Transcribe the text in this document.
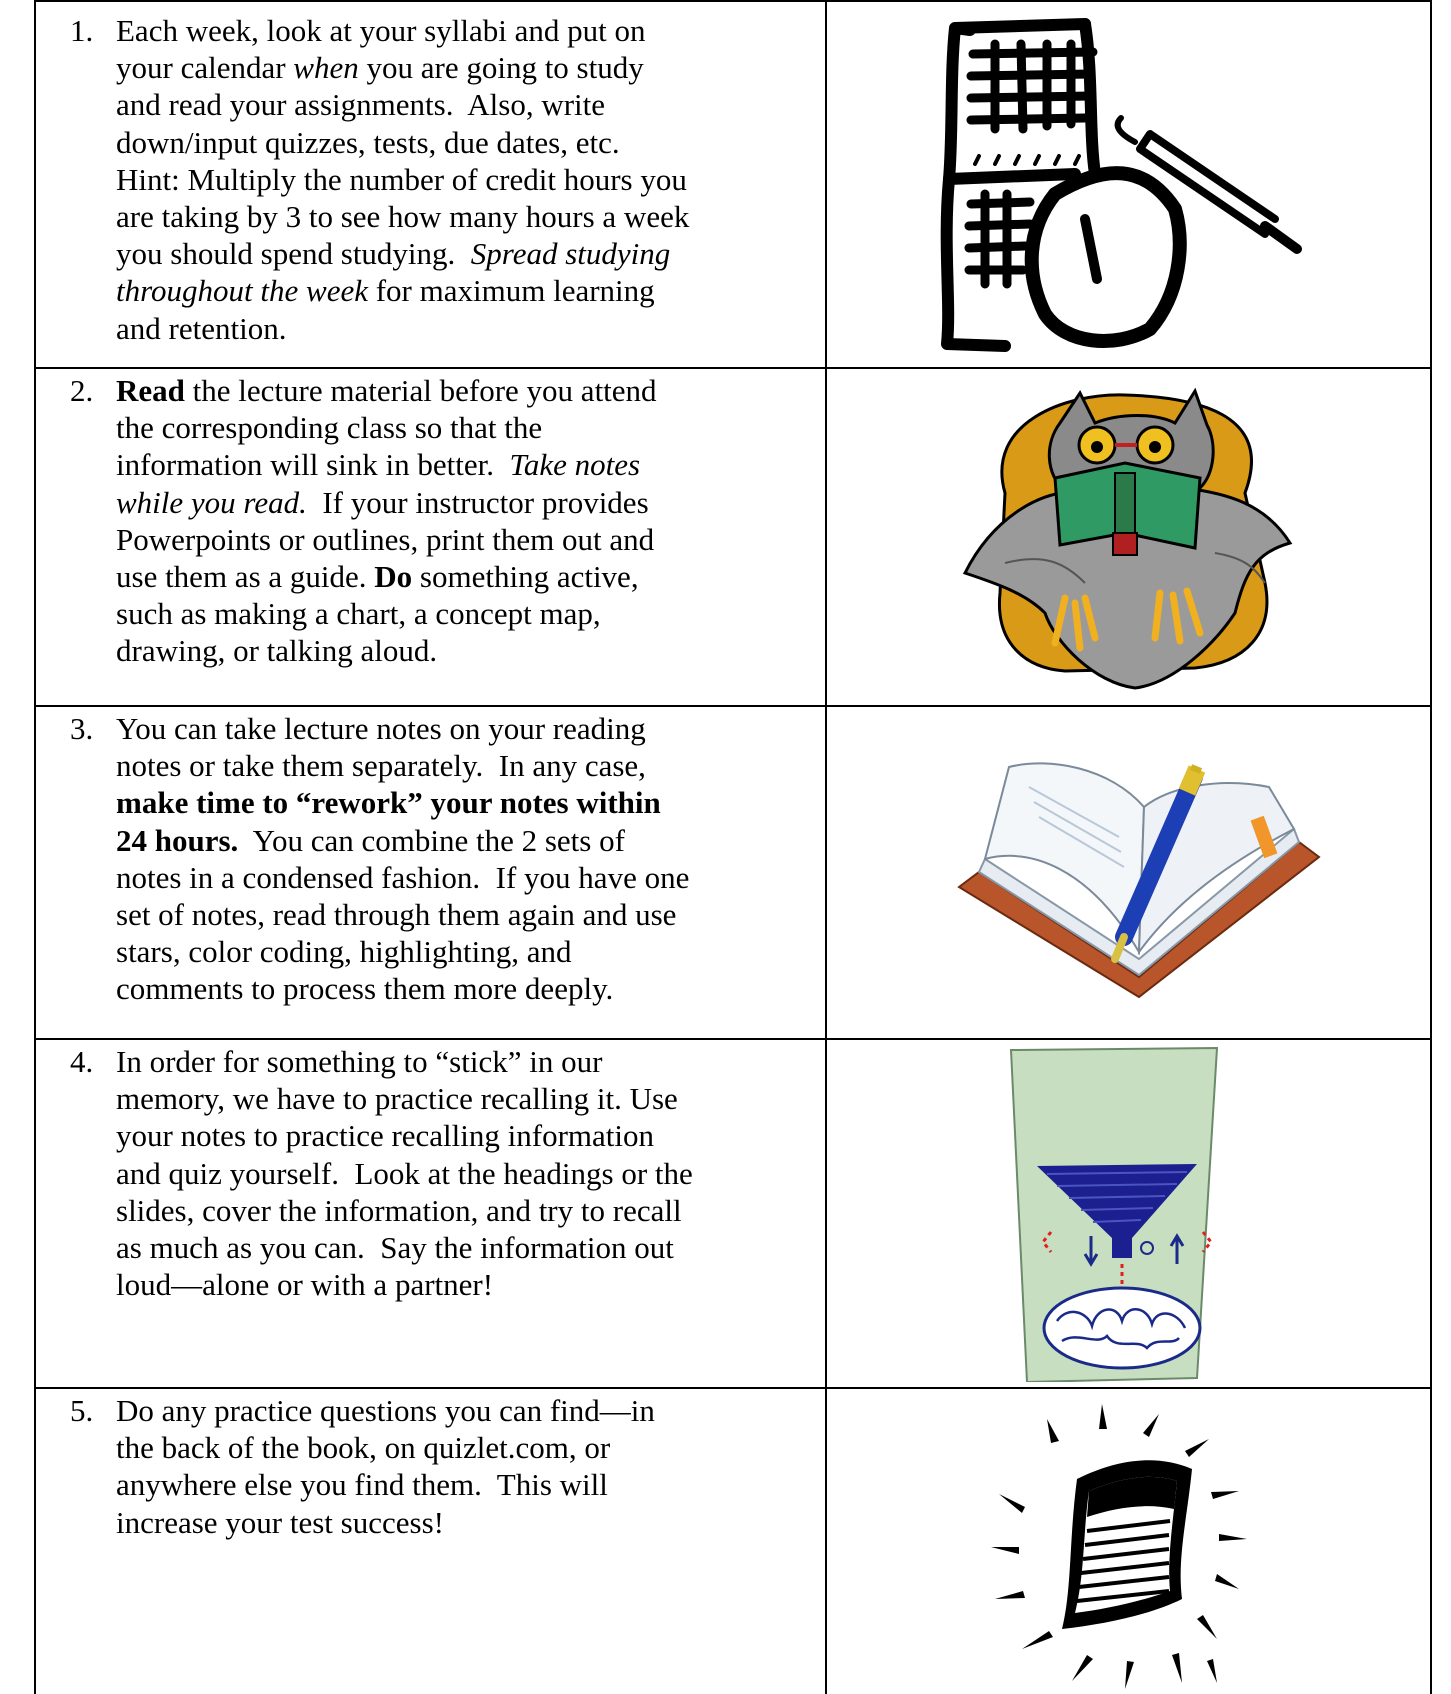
1. Each week, look at your syllabi and put on

your calendar when you are going to study

and read your assignments.  Also, write

down/input quizzes, tests, due dates, etc.

Hint: Multiply the number of credit hours you

are taking by 3 to see how many hours a week

you should spend studying.  Spread studying

throughout the week for maximum learning

and retention.

2. Read the lecture material before you attend

the corresponding class so that the

information will sink in better.  Take notes

while you read.  If your instructor provides

Powerpoints or outlines, print them out and

use them as a guide. Do something active,

such as making a chart, a concept map,

drawing, or talking aloud.

3. You can take lecture notes on your reading

notes or take them separately.  In any case,

make time to “rework” your notes within

24 hours.  You can combine the 2 sets of

notes in a condensed fashion.  If you have one

set of notes, read through them again and use

stars, color coding, highlighting, and

comments to process them more deeply.

4. In order for something to “stick” in our

memory, we have to practice recalling it. Use

your notes to practice recalling information

and quiz yourself.  Look at the headings or the

slides, cover the information, and try to recall

as much as you can.  Say the information out

loud—alone or with a partner!

5. Do any practice questions you can find—in

the back of the book, on quizlet.com, or

anywhere else you find them.  This will

increase your test success!
